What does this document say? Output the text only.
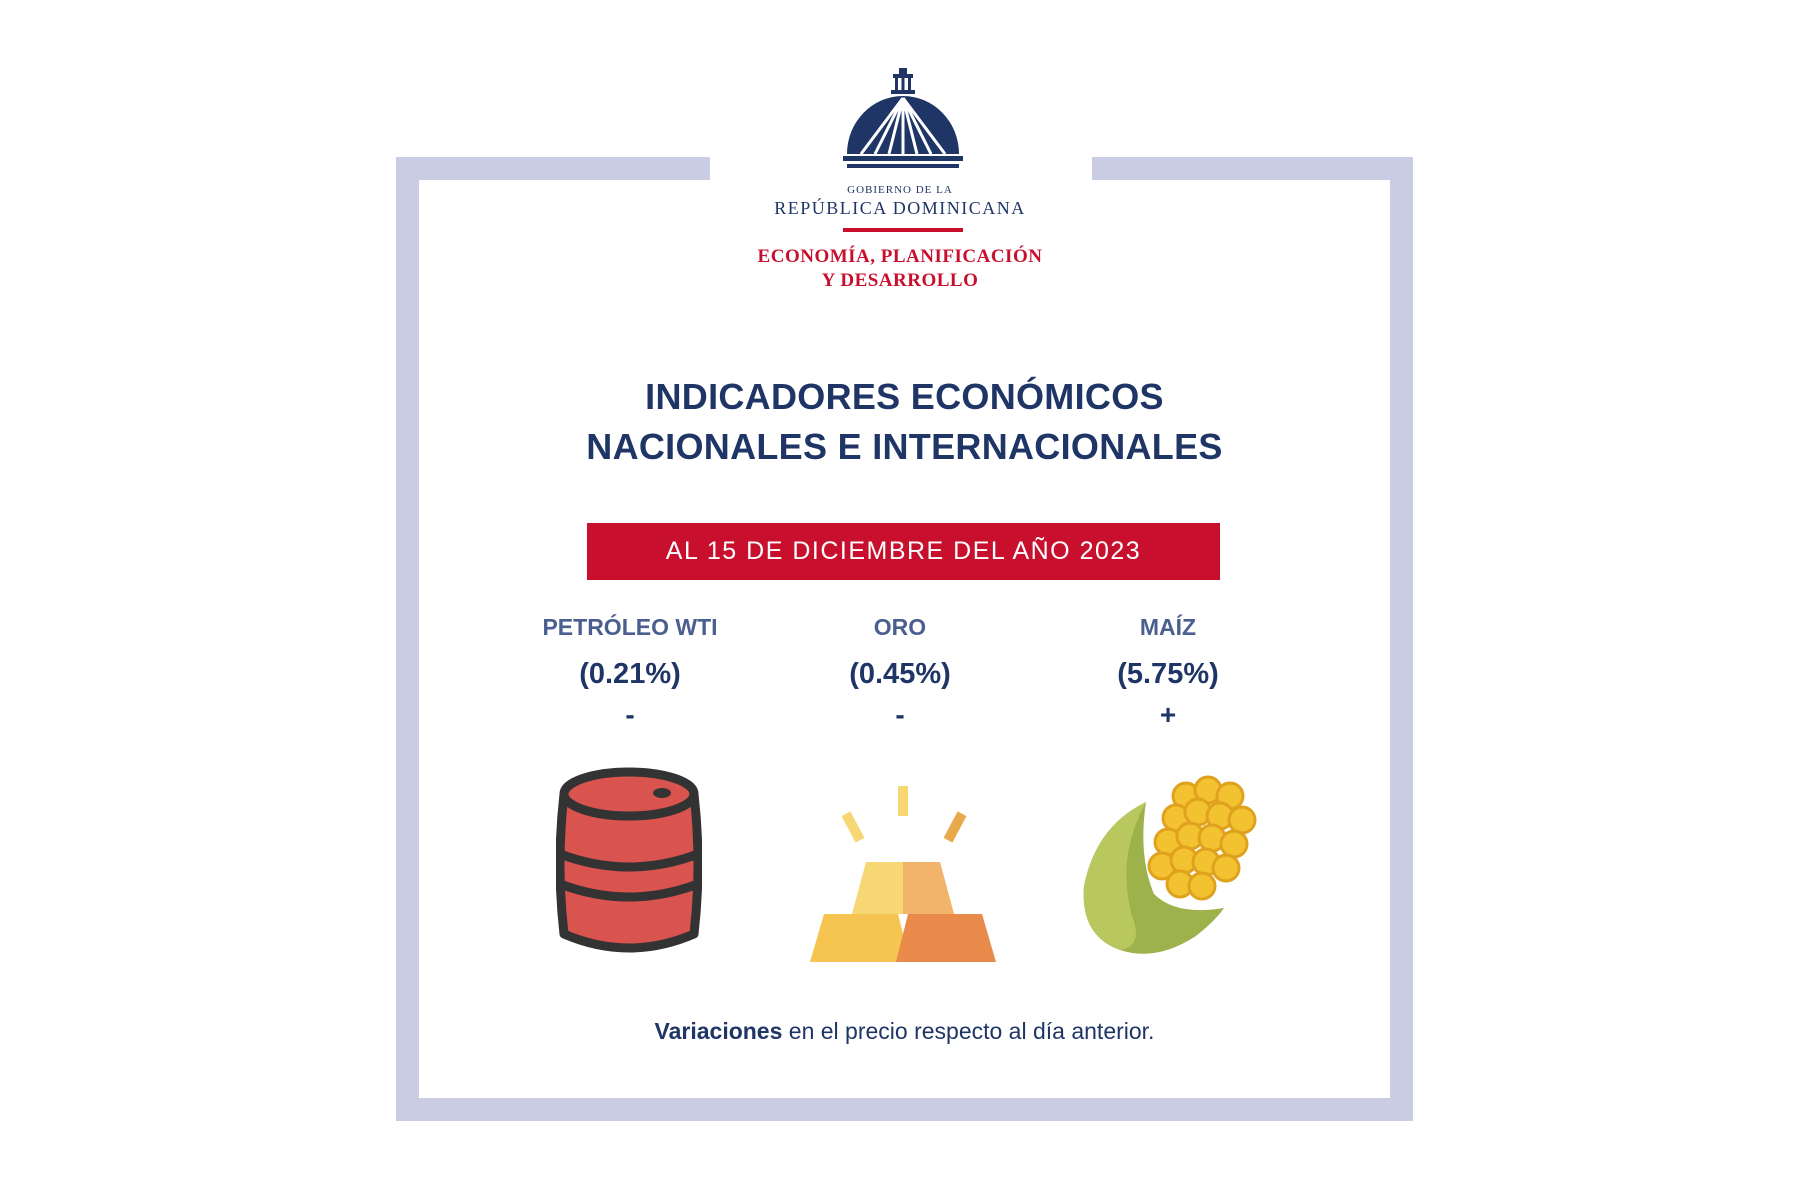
GOBIERNO DE LA
REPÚBLICA DOMINICANA
ECONOMÍA, PLANIFICACIÓN
Y DESARROLLO
INDICADORES ECONÓMICOS
NACIONALES E INTERNACIONALES
AL 15 DE DICIEMBRE DEL AÑO 2023
PETRÓLEO WTI
(0.21%)
-
ORO
(0.45%)
-
MAÍZ
(5.75%)
+
Variaciones en el precio respecto al día anterior.
